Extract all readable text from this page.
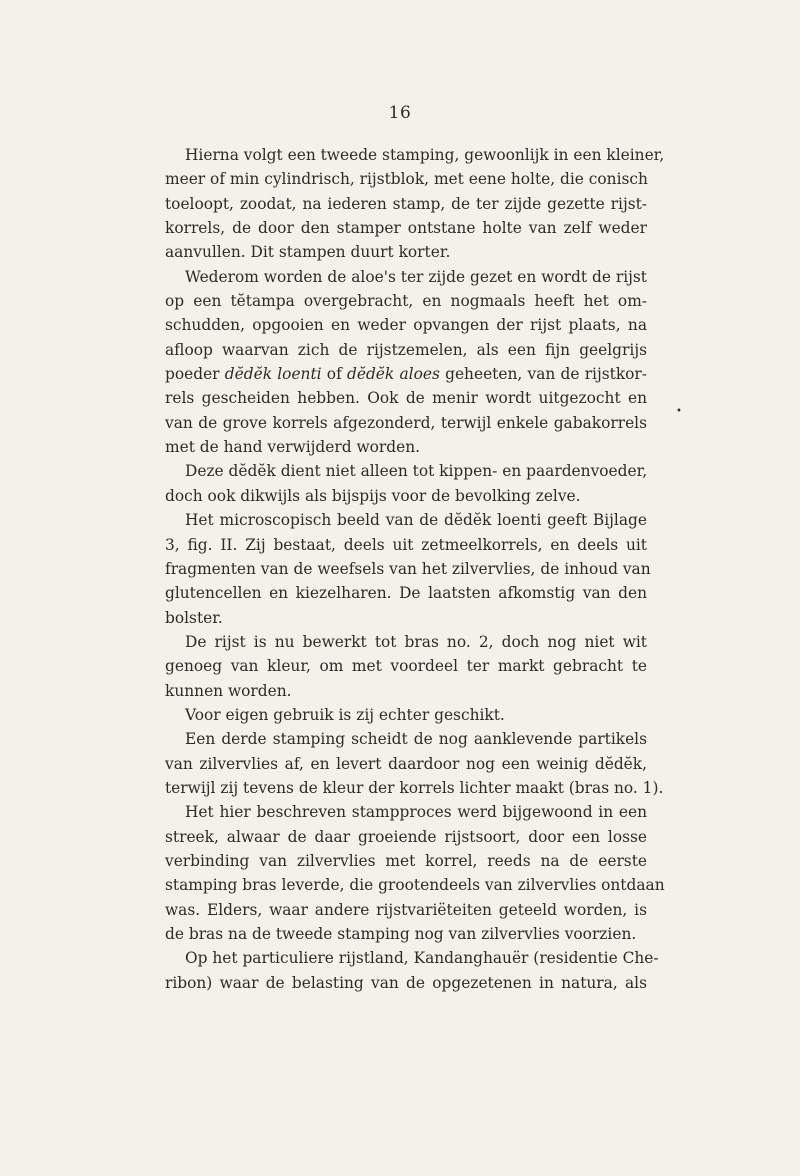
16
•
Hierna volgt een tweede stamping, gewoonlijk in een kleiner,
meer of min cylindrisch, rijstblok, met eene holte, die conisch
toeloopt, zoodat, na iederen stamp, de ter zijde gezette rijst-
korrels, de door den stamper ontstane holte van zelf weder
aanvullen. Dit stampen duurt korter.
Wederom worden de aloe's ter zijde gezet en wordt de rijst
op een tĕtampa overgebracht, en nogmaals heeft het om-
schudden, opgooien en weder opvangen der rijst plaats, na
afloop waarvan zich de rijstzemelen, als een fijn geelgrijs
poeder dĕdĕk loenti of dĕdĕk aloes geheeten, van de rijstkor-
rels gescheiden hebben. Ook de menir wordt uitgezocht en
van de grove korrels afgezonderd, terwijl enkele gabakorrels
met de hand verwijderd worden.
Deze dĕdĕk dient niet alleen tot kippen- en paardenvoeder,
doch ook dikwijls als bijspijs voor de bevolking zelve.
Het microscopisch beeld van de dĕdĕk loenti geeft Bijlage
3, fig. II. Zij bestaat, deels uit zetmeelkorrels, en deels uit
fragmenten van de weefsels van het zilvervlies, de inhoud van
glutencellen en kiezelharen. De laatsten afkomstig van den
bolster.
De rijst is nu bewerkt tot bras no. 2, doch nog niet wit
genoeg van kleur, om met voordeel ter markt gebracht te
kunnen worden.
Voor eigen gebruik is zij echter geschikt.
Een derde stamping scheidt de nog aanklevende partikels
van zilvervlies af, en levert daardoor nog een weinig dĕdĕk,
terwijl zij tevens de kleur der korrels lichter maakt (bras no. 1).
Het hier beschreven stampproces werd bijgewoond in een
streek, alwaar de daar groeiende rijstsoort, door een losse
verbinding van zilvervlies met korrel, reeds na de eerste
stamping bras leverde, die grootendeels van zilvervlies ontdaan
was. Elders, waar andere rijstvariëteiten geteeld worden, is
de bras na de tweede stamping nog van zilvervlies voorzien.
Op het particuliere rijstland, Kandanghauër (residentie Che-
ribon) waar de belasting van de opgezetenen in natura, als
